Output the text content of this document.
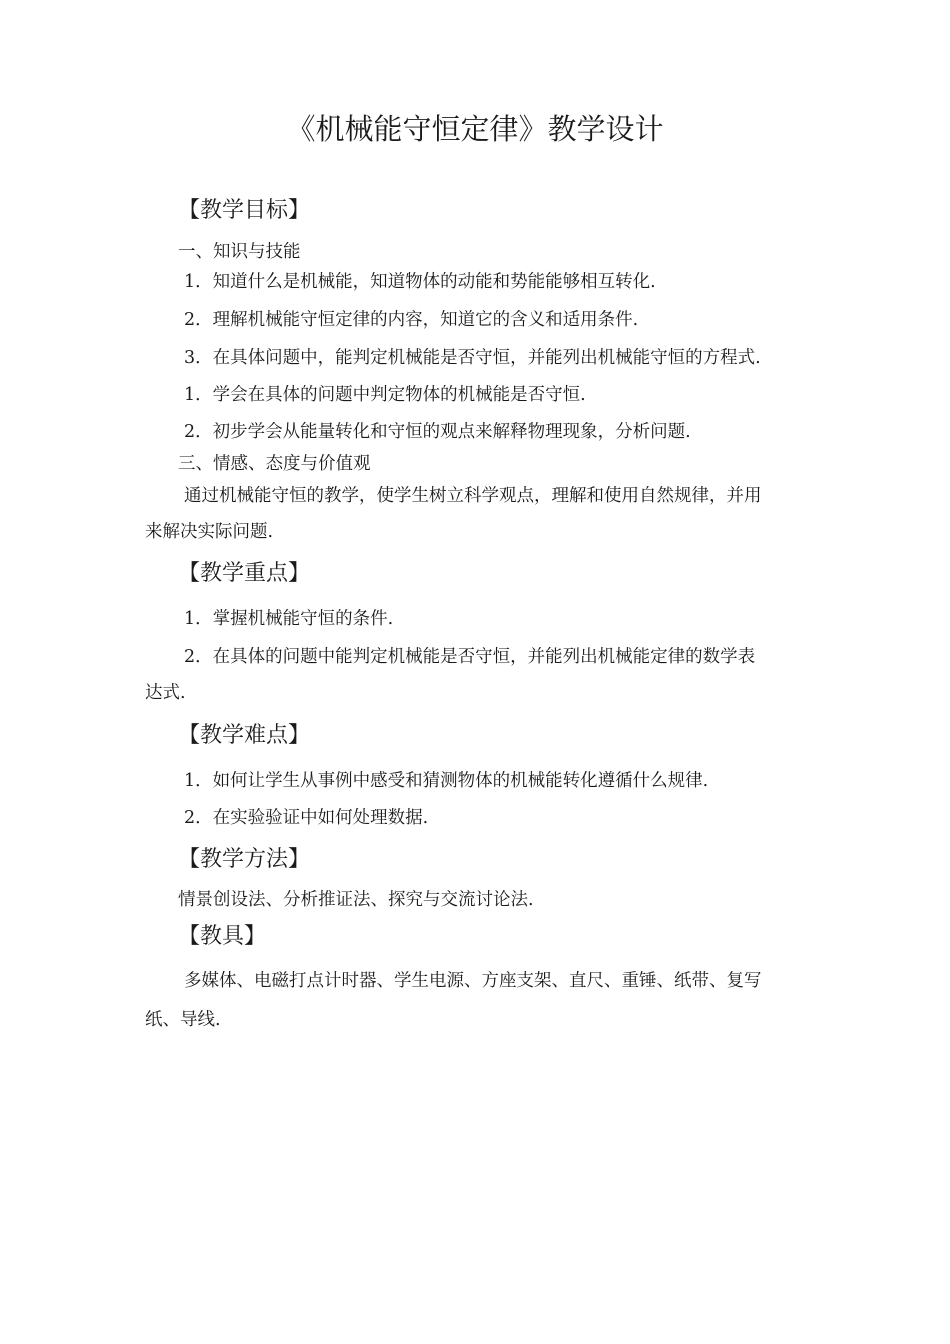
《机械能守恒定律》教学设计
【教学目标】
一、知识与技能
1．知道什么是机械能，知道物体的动能和势能能够相互转化.
2．理解机械能守恒定律的内容，知道它的含义和适用条件.
3．在具体问题中，能判定机械能是否守恒，并能列出机械能守恒的方程式.
1．学会在具体的问题中判定物体的机械能是否守恒.
2．初步学会从能量转化和守恒的观点来解释物理现象，分析问题.
三、情感、态度与价值观
通过机械能守恒的教学，使学生树立科学观点，理解和使用自然规律，并用
来解决实际问题.
【教学重点】
1．掌握机械能守恒的条件.
2．在具体的问题中能判定机械能是否守恒，并能列出机械能定律的数学表
达式.
【教学难点】
1．如何让学生从事例中感受和猜测物体的机械能转化遵循什么规律.
2．在实验验证中如何处理数据.
【教学方法】
情景创设法、分析推证法、探究与交流讨论法.
【教具】
多媒体、电磁打点计时器、学生电源、方座支架、直尺、重锤、纸带、复写
纸、导线.
